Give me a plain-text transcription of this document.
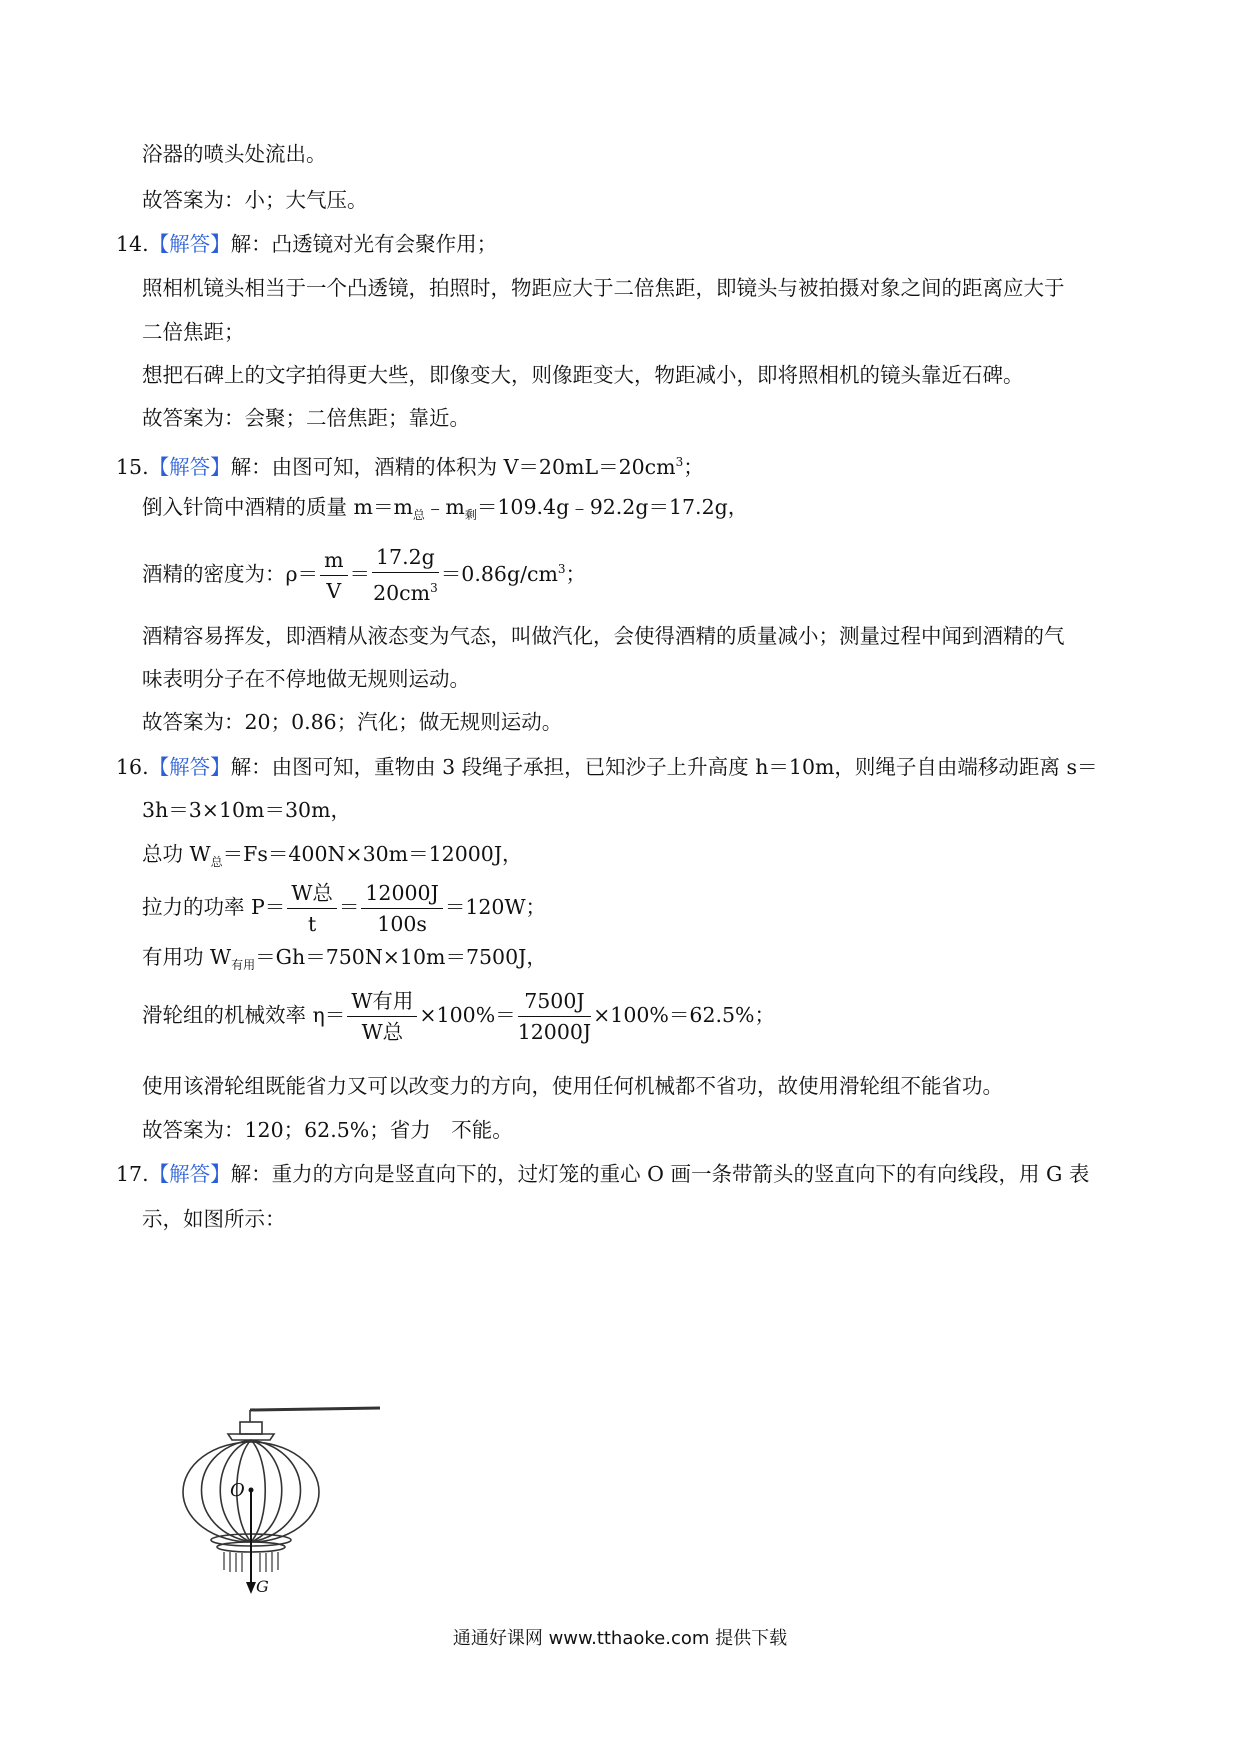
浴器的喷头处流出。
故答案为：小；大气压。
14.【解答】解：凸透镜对光有会聚作用；
照相机镜头相当于一个凸透镜，拍照时，物距应大于二倍焦距，即镜头与被拍摄对象之间的距离应大于
二倍焦距；
想把石碑上的文字拍得更大些，即像变大，则像距变大，物距减小，即将照相机的镜头靠近石碑。
故答案为：会聚；二倍焦距；靠近。
15.【解答】解：由图可知，酒精的体积为 $V=20mL=20cm^3$；
倒入针筒中酒精的质量 $m=m_总﹣m_剩=109.4g﹣92.2g=17.2g$，
酒精的密度为：$\rho= \frac{m}{V} = \frac{17.2g}{20cm^3} =0.86g/cm^3$；
酒精容易挥发，即酒精从液态变为气态，叫做汽化，会使得酒精的质量减小；测量过程中闻到酒精的气
味表明分子在不停地做无规则运动。
故答案为：20；0.86；汽化；做无规则运动。
16.【解答】解：由图可知，重物由 3 段绳子承担，已知沙子上升高度 h＝10m，则绳子自由端移动距离 s＝
3h＝3×10m＝30m，
总功 $W_总=Fs=400N\times 30m=12000J$，
拉力的功率 $P= \frac{\text{W总}}{t} = \frac{12000J}{100s} =120W$；
有用功 $W_{有用}=Gh=750N\times 10m=7500J$，
滑轮组的机械效率 $\eta= \frac{\text{W有用}}{\text{W总}} \times 100\%= \frac{7500J}{12000J} \times 100\%=62.5\%$；
使用该滑轮组既能省力又可以改变力的方向，使用任何机械都不省功，故使用滑轮组不能省功。
故答案为：120；62.5%；省力　不能。
17.【解答】解：重力的方向是竖直向下的，过灯笼的重心 O 画一条带箭头的竖直向下的有向线段，用 G 表
示，如图所示：
O
G
通通好课网 www.tthaoke.com 提供下载
